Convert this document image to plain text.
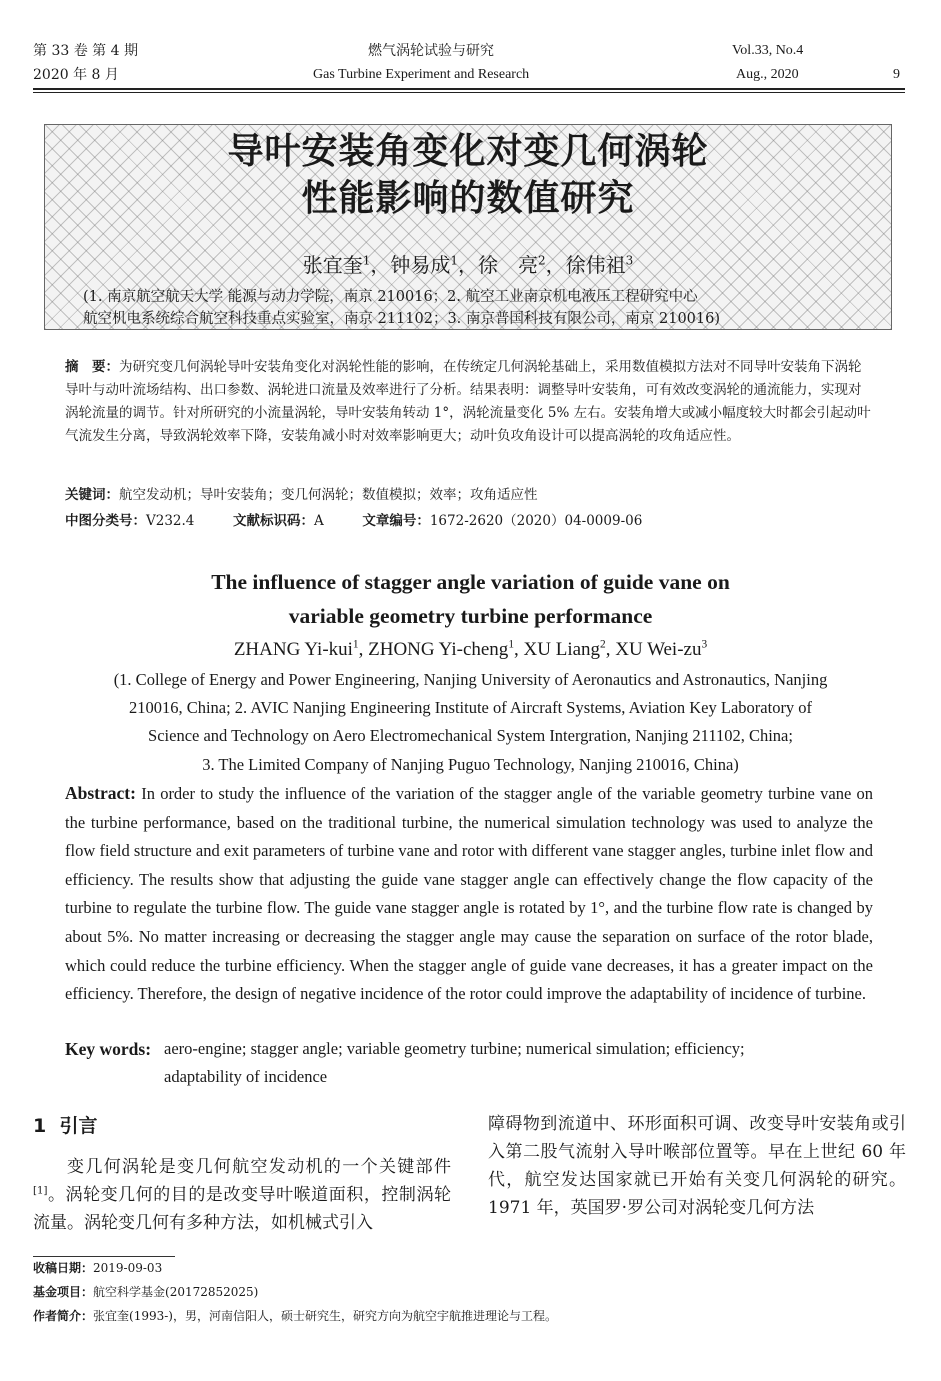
第 33 卷 第 4 期
2020 年 8 月
燃气涡轮试验与研究
Gas Turbine Experiment and Research
Vol.33, No.4
Aug., 2020	9
导叶安装角变化对变几何涡轮
性能影响的数值研究
张宜奎$^1$，钟易成$^1$，徐　亮$^2$，徐伟祖$^3$
(1. 南京航空航天大学 能源与动力学院，南京 210016；2. 航空工业南京机电液压工程研究中心
航空机电系统综合航空科技重点实验室，南京 211102；3. 南京普国科技有限公司，南京 210016)
摘　要：为研究变几何涡轮导叶安装角变化对涡轮性能的影响，在传统定几何涡轮基础上，采用数值模拟方法对不同导叶安装角下涡轮导叶与动叶流场结构、出口参数、涡轮进口流量及效率进行了分析。结果表明：调整导叶安装角，可有效改变涡轮的通流能力，实现对涡轮流量的调节。针对所研究的小流量涡轮，导叶安装角转动 1°，涡轮流量变化 5% 左右。安装角增大或减小幅度较大时都会引起动叶气流发生分离，导致涡轮效率下降，安装角减小时对效率影响更大；动叶负攻角设计可以提高涡轮的攻角适应性。
关键词：航空发动机；导叶安装角；变几何涡轮；数值模拟；效率；攻角适应性
中图分类号：V232.4	文献标识码：A	文章编号：1672-2620（2020）04-0009-06
The influence of stagger angle variation of guide vane on
variable geometry turbine performance
ZHANG Yi-kui$^1$, ZHONG Yi-cheng$^1$, XU Liang$^2$, XU Wei-$zu^3$
(1. College of Energy and Power Engineering, Nanjing University of Aeronautics and Astronautics, Nanjing
210016, China; 2. AVIC Nanjing Engineering Institute of Aircraft Systems, Aviation Key Laboratory of
Science and Technology on Aero Electromechanical System Intergration, Nanjing 211102, China;
3. The Limited Company of Nanjing Puguo Technology, Nanjing 210016, China)
Abstract: In order to study the influence of the variation of the stagger angle of the variable geometry turbine vane on the turbine performance, based on the traditional turbine, the numerical simulation technology was used to analyze the flow field structure and exit parameters of turbine vane and rotor with different vane stagger angles, turbine inlet flow and efficiency. The results show that adjusting the guide vane stagger angle can effectively change the flow capacity of the turbine to regulate the turbine flow. The guide vane stagger angle is rotated by 1°, and the turbine flow rate is changed by about 5%. No matter increasing or decreasing the stagger angle may cause the separation on surface of the rotor blade, which could reduce the turbine efficiency. When the stagger angle of guide vane decreases, it has a greater impact on the efficiency. Therefore, the design of negative incidence of the rotor could improve the adaptability of incidence of turbine.
Key words: aero-engine; stagger angle; variable geometry turbine; numerical simulation; efficiency;
adaptability of incidence
1 引言
变几何涡轮是变几何航空发动机的一个关键部件[1]。涡轮变几何的目的是改变导叶喉道面积，控制涡轮流量。涡轮变几何有多种方法，如机械式引入
障碍物到流道中、环形面积可调、改变导叶安装角或引入第二股气流射入导叶喉部位置等。早在上世纪 60 年代，航空发达国家就已开始有关变几何涡轮的研究。1971 年，英国罗·罗公司对涡轮变几何方法
收稿日期：2019-09-03
基金项目：航空科学基金(20172852025)
作者简介：张宜奎(1993-)，男，河南信阳人，硕士研究生，研究方向为航空宇航推进理论与工程。
